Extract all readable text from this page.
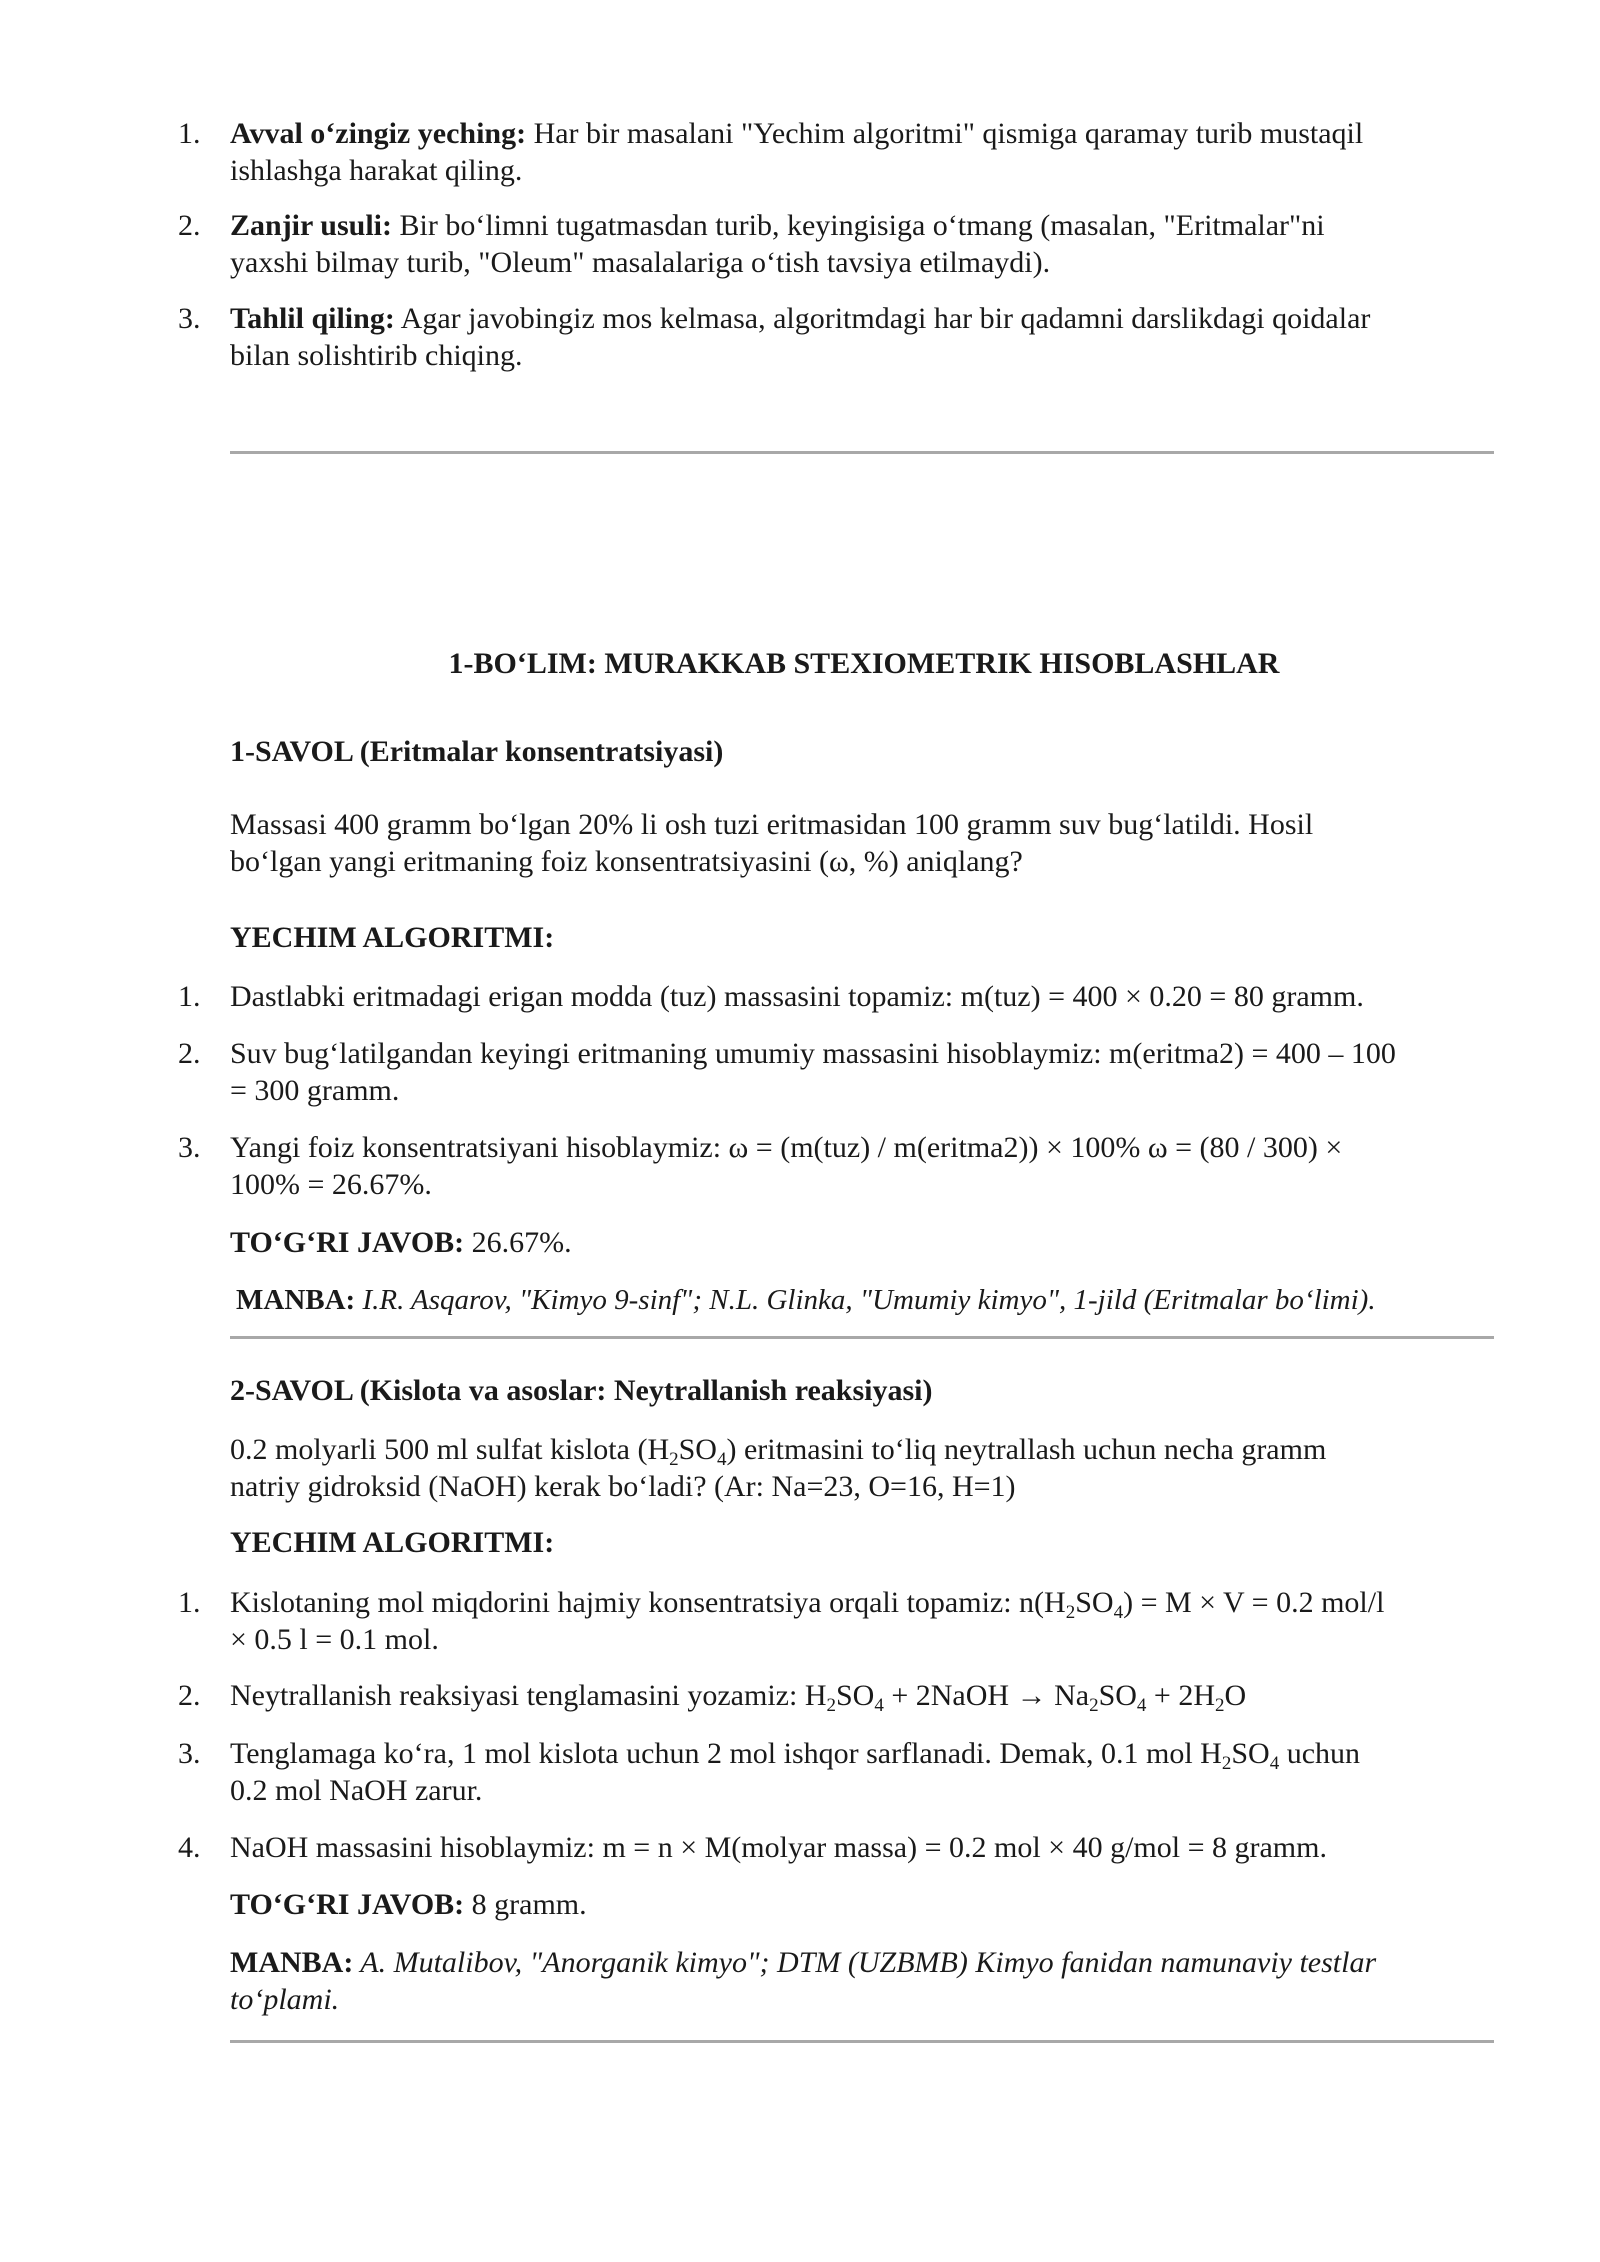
1. Avval o‘zingiz yeching: Har bir masalani "Yechim algoritmi" qismiga qaramay turib mustaqil
ishlashga harakat qiling.
2. Zanjir usuli: Bir bo‘limni tugatmasdan turib, keyingisiga o‘tmang (masalan, "Eritmalar"ni
yaxshi bilmay turib, "Oleum" masalalariga o‘tish tavsiya etilmaydi).
3. Tahlil qiling: Agar javobingiz mos kelmasa, algoritmdagi har bir qadamni darslikdagi qoidalar
bilan solishtirib chiqing.
1-BO‘LIM: MURAKKAB STEXIOMETRIK HISOBLASHLAR
1-SAVOL (Eritmalar konsentratsiyasi)
Massasi 400 gramm bo‘lgan 20% li osh tuzi eritmasidan 100 gramm suv bug‘latildi. Hosil
bo‘lgan yangi eritmaning foiz konsentratsiyasini (ω, %) aniqlang?
YECHIM ALGORITMI:
1. Dastlabki eritmadagi erigan modda (tuz) massasini topamiz: m(tuz) = 400 × 0.20 = 80 gramm.
2. Suv bug‘latilgandan keyingi eritmaning umumiy massasini hisoblaymiz: m(eritma2) = 400 – 100
= 300 gramm.
3. Yangi foiz konsentratsiyani hisoblaymiz: ω = (m(tuz) / m(eritma2)) × 100% ω = (80 / 300) ×
100% = 26.67%.
TO‘G‘RI JAVOB: 26.67%.
MANBA: I.R. Asqarov, "Kimyo 9-sinf"; N.L. Glinka, "Umumiy kimyo", 1-jild (Eritmalar bo‘limi).
2-SAVOL (Kislota va asoslar: Neytrallanish reaksiyasi)
0.2 molyarli 500 ml sulfat kislota $(H_2SO_4)$ eritmasini to‘liq neytrallash uchun necha gramm
natriy gidroksid (NaOH) kerak bo‘ladi? (Ar: Na=23, O=16, H=1)
YECHIM ALGORITMI:
1. Kislotaning mol miqdorini hajmiy konsentratsiya orqali topamiz: $n(H_2SO_4) = M \times V = 0.2$ mol/l
× 0.5 l = 0.1 mol.
2. Neytrallanish reaksiyasi tenglamasini yozamiz: $H_2SO_4$ + 2NaOH → $Na_2SO_4 + 2H_2O$
3. Tenglamaga ko‘ra, 1 mol kislota uchun 2 mol ishqor sarflanadi. Demak, 0.1 mol $H_2SO_4$ uchun
0.2 mol NaOH zarur.
4. NaOH massasini hisoblaymiz: m = n × M(molyar massa) = 0.2 mol × 40 g/mol = 8 gramm.
TO‘G‘RI JAVOB: 8 gramm.
MANBA: A. Mutalibov, "Anorganik kimyo"; DTM (UZBMB) Kimyo fanidan namunaviy testlar
to‘plami.
